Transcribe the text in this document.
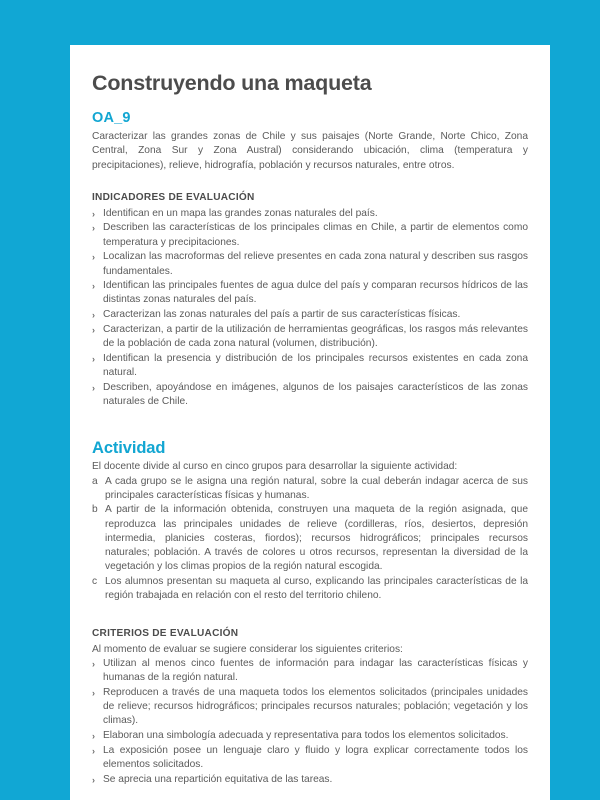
Construyendo una maqueta
OA_9

Caracterizar las grandes zonas de Chile y sus paisajes (Norte Grande, Norte Chico, Zona Central, Zona Sur y Zona Austral) considerando ubicación, clima (temperatura y precipitaciones), relieve, hidrografía, población y recursos naturales, entre otros.

INDICADORES DE EVALUACIÓN
› Identifican en un mapa las grandes zonas naturales del país.
› Describen las características de los principales climas en Chile, a partir de elementos como temperatura y precipitaciones.
› Localizan las macroformas del relieve presentes en cada zona natural y describen sus rasgos fundamentales.
› Identifican las principales fuentes de agua dulce del país y comparan recursos hídricos de las distintas zonas naturales del país.
› Caracterizan las zonas naturales del país a partir de sus características físicas.
› Caracterizan, a partir de la utilización de herramientas geográficas, los rasgos más relevantes de la población de cada zona natural (volumen, distribución).
› Identifican la presencia y distribución de los principales recursos existentes en cada zona natural.
› Describen, apoyándose en imágenes, algunos de los paisajes característicos de las zonas naturales de Chile.
Actividad

El docente divide al curso en cinco grupos para desarrollar la siguiente actividad:

a A cada grupo se le asigna una región natural, sobre la cual deberán indagar acerca de sus principales características físicas y humanas.
b A partir de la información obtenida, construyen una maqueta de la región asignada, que reproduzca las principales unidades de relieve (cordilleras, ríos, desiertos, depresión intermedia, planicies costeras, fiordos); recursos hidrográficos; principales recursos naturales; población. A través de colores u otros recursos, representan la diversidad de la vegetación y los climas propios de la región natural escogida.
c Los alumnos presentan su maqueta al curso, explicando las principales características de la región trabajada en relación con el resto del territorio chileno.
CRITERIOS DE EVALUACIÓN

Al momento de evaluar se sugiere considerar los siguientes criterios:

› Utilizan al menos cinco fuentes de información para indagar las características físicas y humanas de la región natural.
› Reproducen a través de una maqueta todos los elementos solicitados (principales unidades de relieve; recursos hidrográficos; principales recursos naturales; población; vegetación y los climas).
› Elaboran una simbología adecuada y representativa para todos los elementos solicitados.
› La exposición posee un lenguaje claro y fluido y logra explicar correctamente todos los elementos solicitados.
› Se aprecia una repartición equitativa de las tareas.
